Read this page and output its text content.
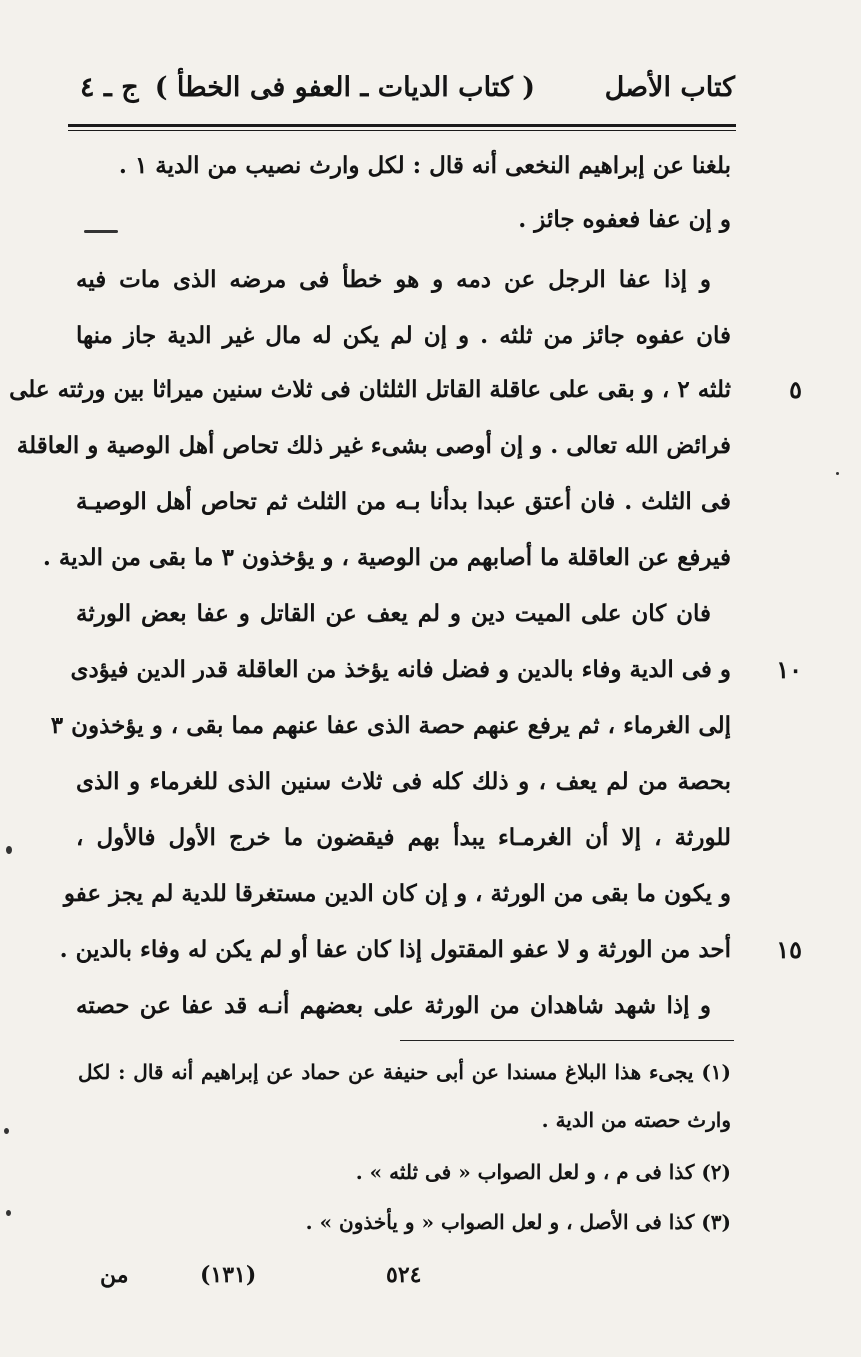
كتاب الأصل
( كتاب الديات ـ العفو فى الخطأ )
ج ـ ٤
بلغنا عن إبراهيم النخعى أنه قال : لكل وارث نصيب من الدية ١ .
و إن عفا فعفوه جائز .
و إذا عفا الرجل عن دمه و هو خطأ فى مرضه الذى مات فيه
فان عفوه جائز من ثلثه . و إن لم يكن له مال غير الدية جاز منها
ثلثه ٢ ، و بقى على عاقلة القاتل الثلثان فى ثلاث سنين ميراثا بين ورثته على	٥
فرائض الله تعالى . و إن أوصى بشىء غير ذلك تحاص أهل الوصية و العاقلة
فى الثلث . فان أعتق عبدا بدأنا بـه من الثلث ثم تحاص أهل الوصيـة
فيرفع عن العاقلة ما أصابهم من الوصية ، و يؤخذون ٣ ما بقى من الدية .
فان كان على الميت دين و لم يعف عن القاتل و عفا بعض الورثة
و فى الدية وفاء بالدين و فضل فانه يؤخذ من العاقلة قدر الدين فيؤدى	١٠
إلى الغرماء ، ثم يرفع عنهم حصة الذى عفا عنهم مما بقى ، و يؤخذون ٣
بحصة من لم يعف ، و ذلك كله فى ثلاث سنين الذى للغرماء و الذى
للورثة ، إلا أن الغرمـاء يبدأ بهم فيقضون ما خرج الأول فالأول ،
و يكون ما بقى من الورثة ، و إن كان الدين مستغرقا للدية لم يجز عفو
أحد من الورثة و لا عفو المقتول إذا كان عفا أو لم يكن له وفاء بالدين .	١٥
و إذا شهد شاهدان من الورثة على بعضهم أنـه قد عفا عن حصته
(١) يجىء هذا البلاغ مسندا عن أبى حنيفة عن حماد عن إبراهيم أنه قال : لكل
وارث حصته من الدية .
(٢) كذا فى م ، و لعل الصواب « فى ثلثه » .
(٣) كذا فى الأصل ، و لعل الصواب « و يأخذون » .
٥٢٤
(١٣١)
من
